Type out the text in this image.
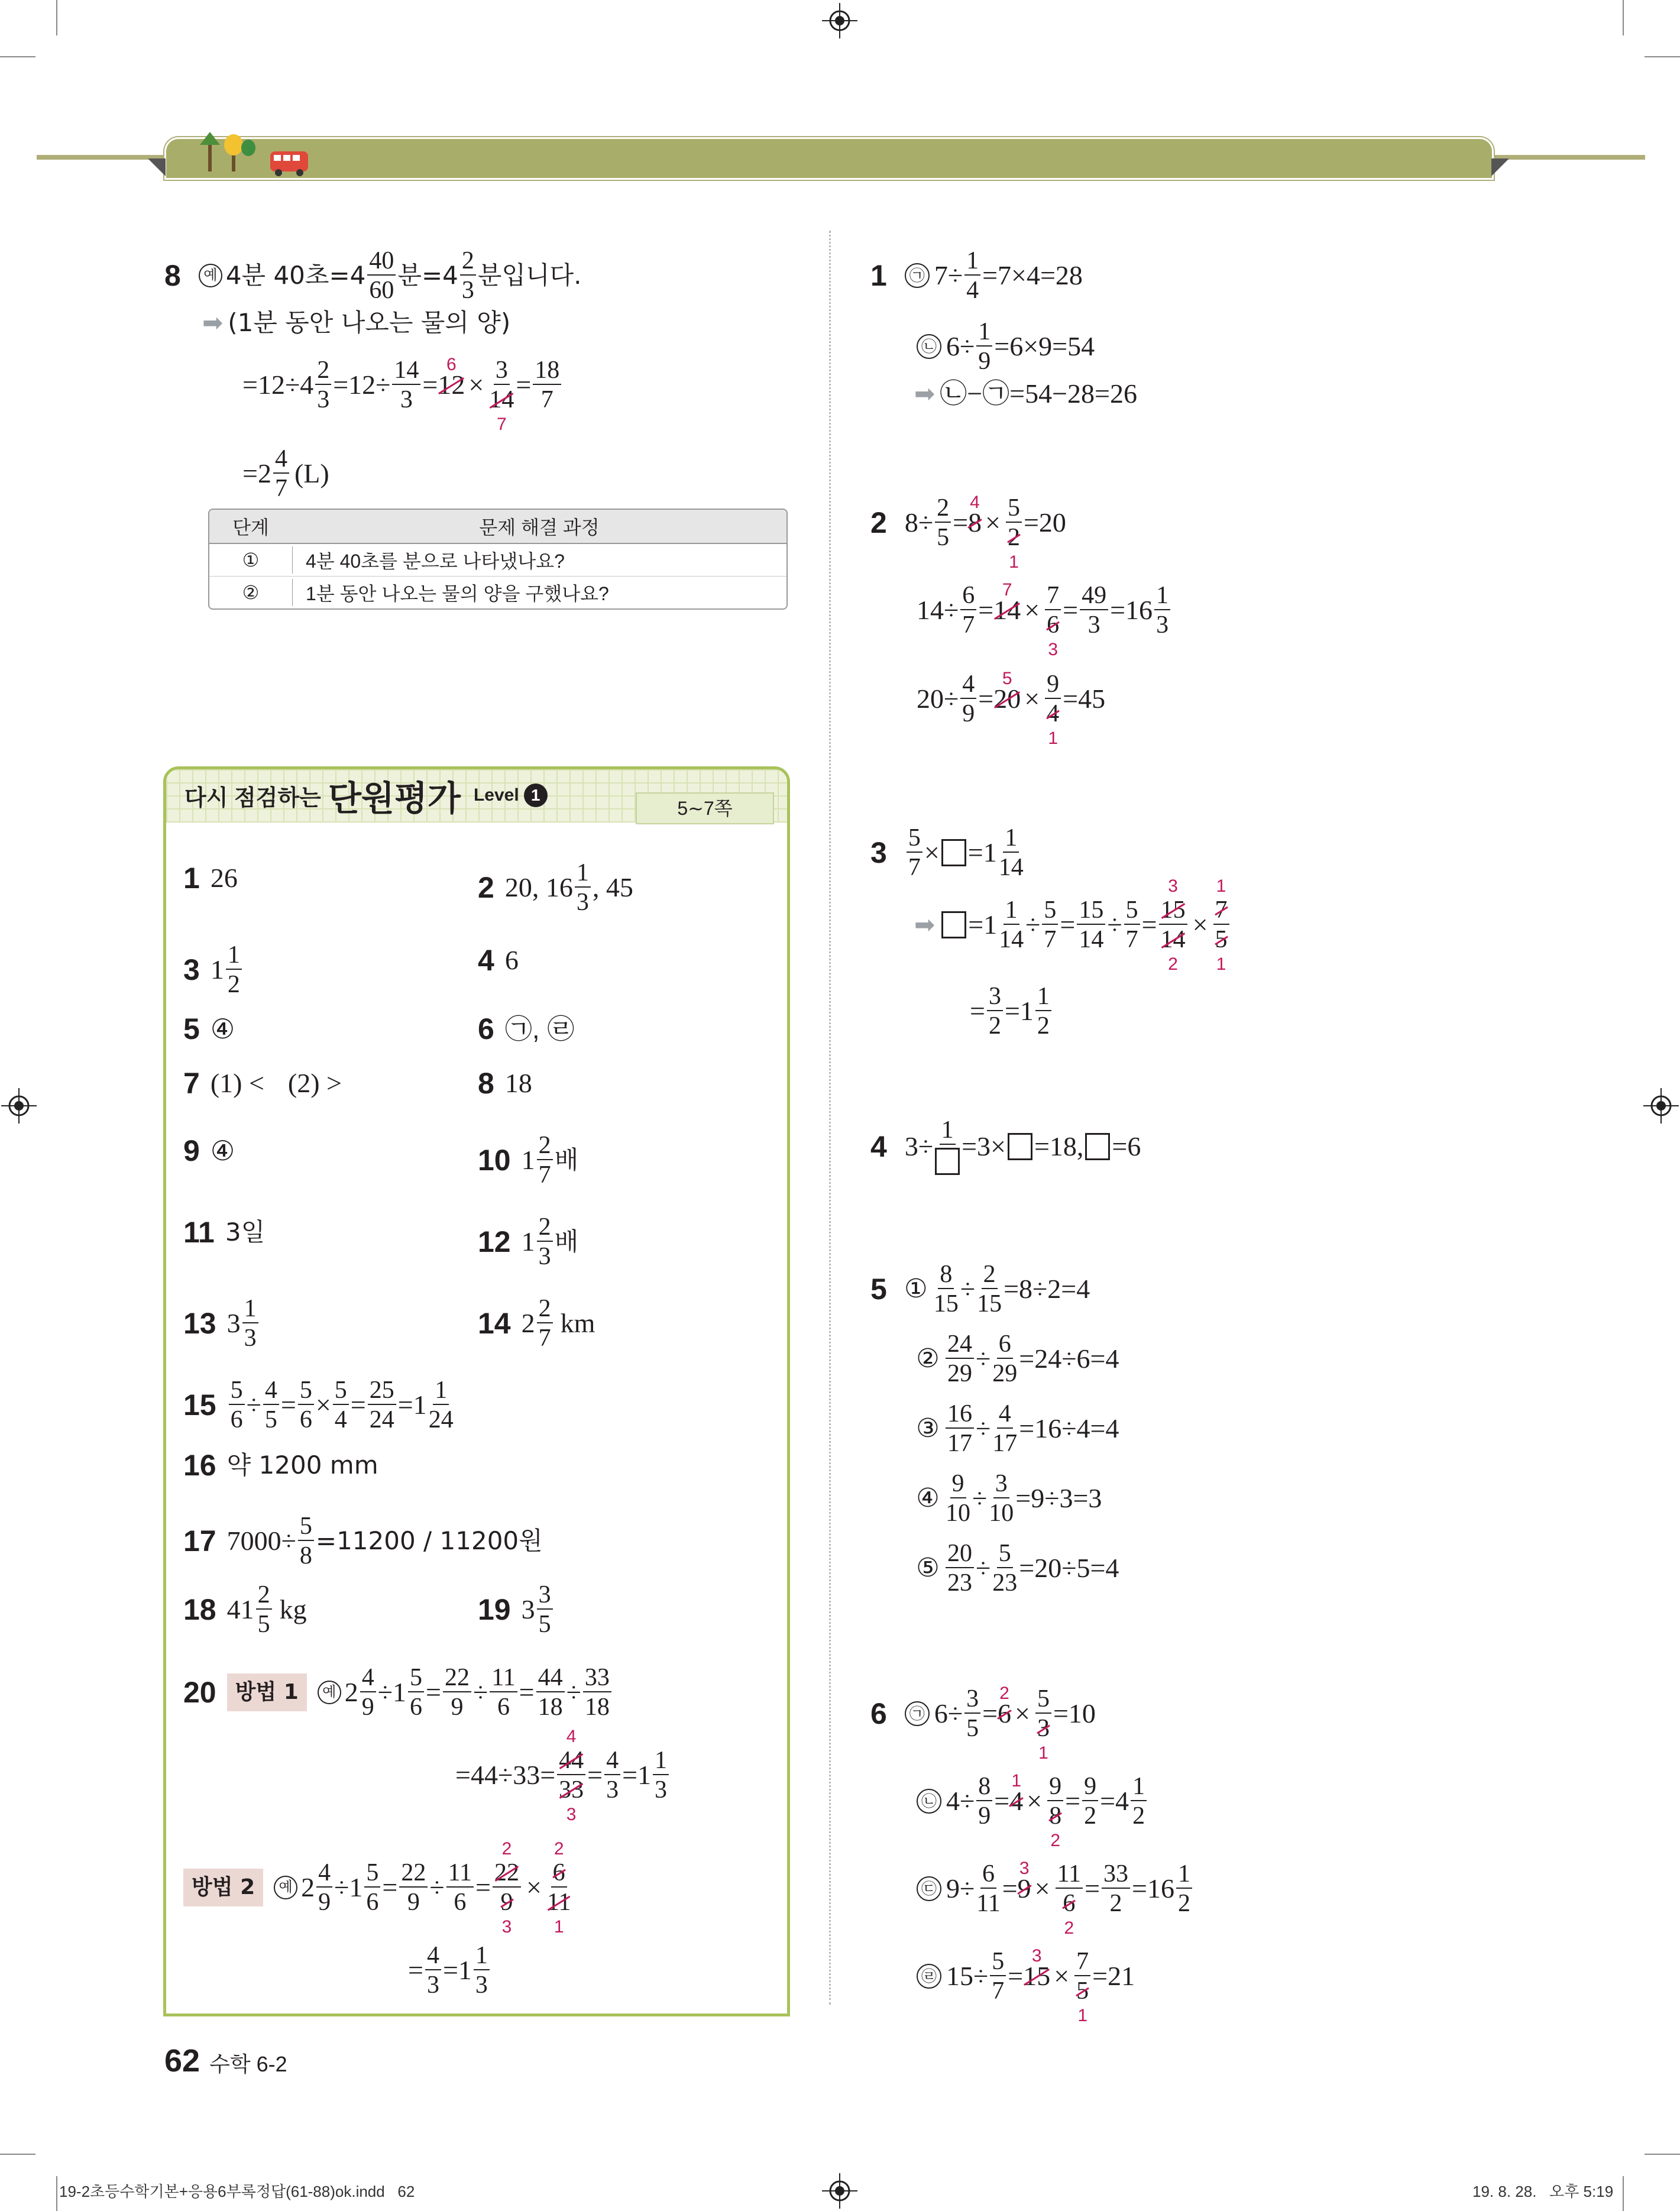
8	예 4분 40초$=4 \frac{40}{60}$ 분$=4 \frac{2}{3}$ 분입니다.
➡ (1분 동안 나오는 물의 양)
$=12\div 4 \frac{2}{3} =12\div \frac{14}{3} = 12$
6
× 3
14
$7 = \frac{18}{7}$
$=2 \frac{4}{7} (L)$
단계	문제 해결 과정
①	4분 40초를 분으로 나타냈나요?
②	1분 동안 나오는 물의 양을 구했나요?
다시 점검하는 단원평가 Level 1
5∼7쪽
1 26	2 20, $16 \frac{1}{3}$ , 45
3 $1 \frac{1}{2}$	4 6
5 ④	6 ㉠, ㉣
7 (1) < (2) >	8 18
9 ④	10 $1 \frac{2}{7}$ 배
11 3일	12 $1 \frac{2}{3}$ 배
13 $3 \frac{1}{3}$	14 $2 \frac{2}{7}$ km
$15 \frac{5}{6} \div \frac{4}{5} = \frac{5}{6} \times \frac{5}{4} = \frac{25}{24} =1 \frac{1}{24}$
16 약 1200 mm
17 $7000\div \frac{5}{8} =11200 / 11200$원
18 $41 \frac{2}{5}$ kg	19 $3 \frac{3}{5}$
20 방법 1	예 $2 \frac{4}{9} \div 1 \frac{5}{6} = \frac{22}{9} \div \frac{11}{6} = \frac{44}{18} \div \frac{33}{18}$
=44÷33= 44
4
33
$3 = \frac{4}{3} =1 \frac{1}{3}$
방법 2	예 $2 \frac{4}{9} \div 1 \frac{5}{6} = \frac{22}{9} \div \frac{11}{6} = 22$
2
9
3 × 6
2
11
1
= $\frac{4}{3} =1 \frac{1}{3}$
1	㉠ $7\div \frac{1}{4} =7\times 4=28$
㉡ $6\div \frac{1}{9} =6\times 9=54$
➡ ㉡−㉠=54−28=26
2 $8\div \frac{2}{5} = 8$
4
× 5
2
1 =20
$14\div \frac{6}{7} = 14$
7
× 7
6
$3 = \frac{49}{3} =16 \frac{1}{3}$
$20\div \frac{4}{9} = 20$
5
× 9
4
1 =45
$3 \frac{5}{7} \times =1 \frac{1}{14}$
➡ $=1 \frac{1}{14} \div \frac{5}{7} = \frac{15}{14} \div \frac{5}{7} = 15$
3
14
2 × 7
1
5
1
= $\frac{3}{2} =1 \frac{1}{2}$
4 3÷
1
=3× =18, =6
5 ① $\frac{8}{15} \div \frac{2}{15} =8\div 2=4$
② $\frac{24}{29} \div \frac{6}{29} =24\div 6=4$
③ $\frac{16}{17} \div \frac{4}{17} =16\div 4=4$
④ $\frac{9}{10} \div \frac{3}{10} =9\div 3=3$
⑤ $\frac{20}{23} \div \frac{5}{23} =20\div 5=4$
6	㉠ $6\div \frac{3}{5} = 6$
2
× 5
3
1 =10
㉡ $4\div \frac{8}{9} = 4$
1
× 9
8
$2 = \frac{9}{2} =4 \frac{1}{2}$
㉢ $9\div \frac{6}{11} = 9$
3
× 11
6
$2 = \frac{33}{2} =16 \frac{1}{2}$
㉣ $15\div \frac{5}{7} = 15$
3
× 7
5
1 =21
62 수학 6-2
19-2초등수학기본+응용6부록정답(61-88)ok.indd   62	19. 8. 28.   오후 5:19
